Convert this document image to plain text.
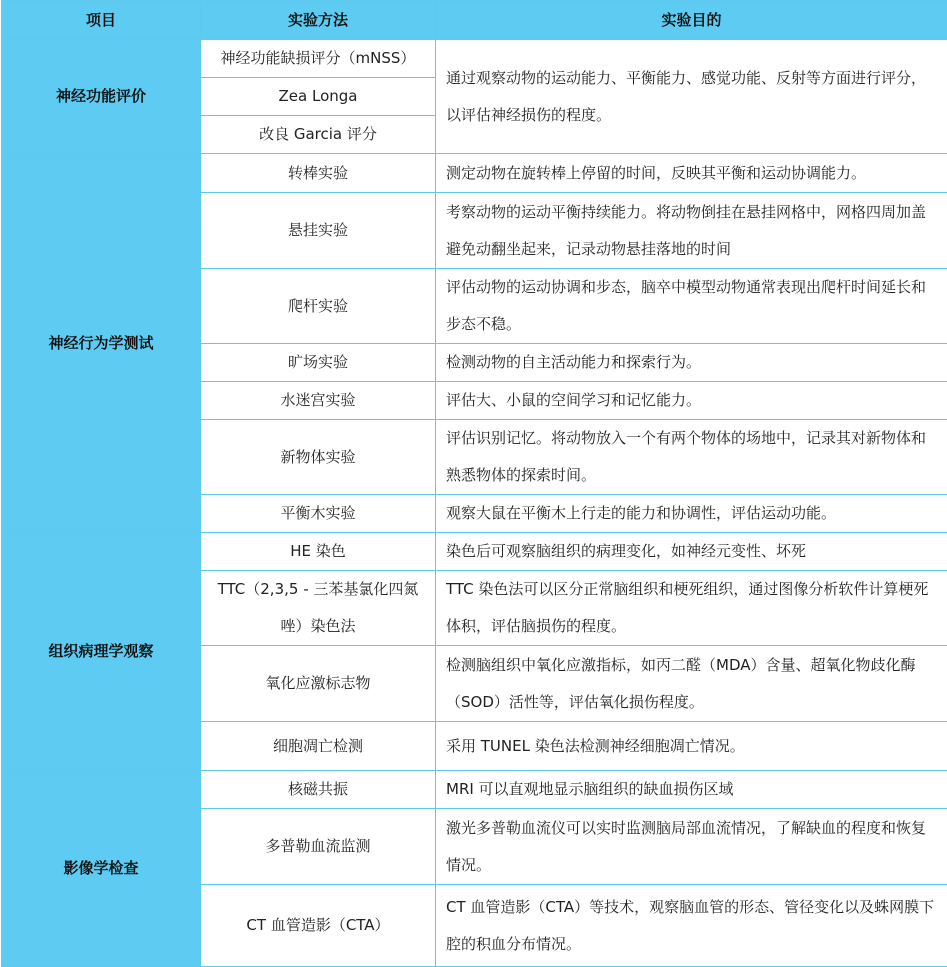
项目	实验方法	实验目的
神经功能评价	神经功能缺损评分（mNSS）	通过观察动物的运动能力、平衡能力、感觉功能、反射等方面进行评分，以评估神经损伤的程度。
	Zea Longa	
	改良 Garcia 评分	
神经行为学测试	转棒实验	测定动物在旋转棒上停留的时间，反映其平衡和运动协调能力。
	悬挂实验	考察动物的运动平衡持续能力。将动物倒挂在悬挂网格中，网格四周加盖避免动翻坐起来，记录动物悬挂落地的时间
	爬杆实验	评估动物的运动协调和步态，脑卒中模型动物通常表现出爬杆时间延长和步态不稳。
	旷场实验	检测动物的自主活动能力和探索行为。
	水迷宫实验	评估大、小鼠的空间学习和记忆能力。
	新物体实验	评估识别记忆。将动物放入一个有两个物体的场地中，记录其对新物体和熟悉物体的探索时间。
	平衡木实验	观察大鼠在平衡木上行走的能力和协调性，评估运动功能。
组织病理学观察	HE 染色	染色后可观察脑组织的病理变化，如神经元变性、坏死
	TTC（2,3,5 - 三苯基氯化四氮唑）染色法	TTC 染色法可以区分正常脑组织和梗死组织，通过图像分析软件计算梗死体积，评估脑损伤的程度。
	氧化应激标志物	检测脑组织中氧化应激指标，如丙二醛（MDA）含量、超氧化物歧化酶（SOD）活性等，评估氧化损伤程度。
	细胞凋亡检测	采用 TUNEL 染色法检测神经细胞凋亡情况。
影像学检查	核磁共振	MRI 可以直观地显示脑组织的缺血损伤区域
	多普勒血流监测	激光多普勒血流仪可以实时监测脑局部血流情况，了解缺血的程度和恢复情况。
	CT 血管造影（CTA）	CT 血管造影（CTA）等技术，观察脑血管的形态、管径变化以及蛛网膜下腔的积血分布情况。
